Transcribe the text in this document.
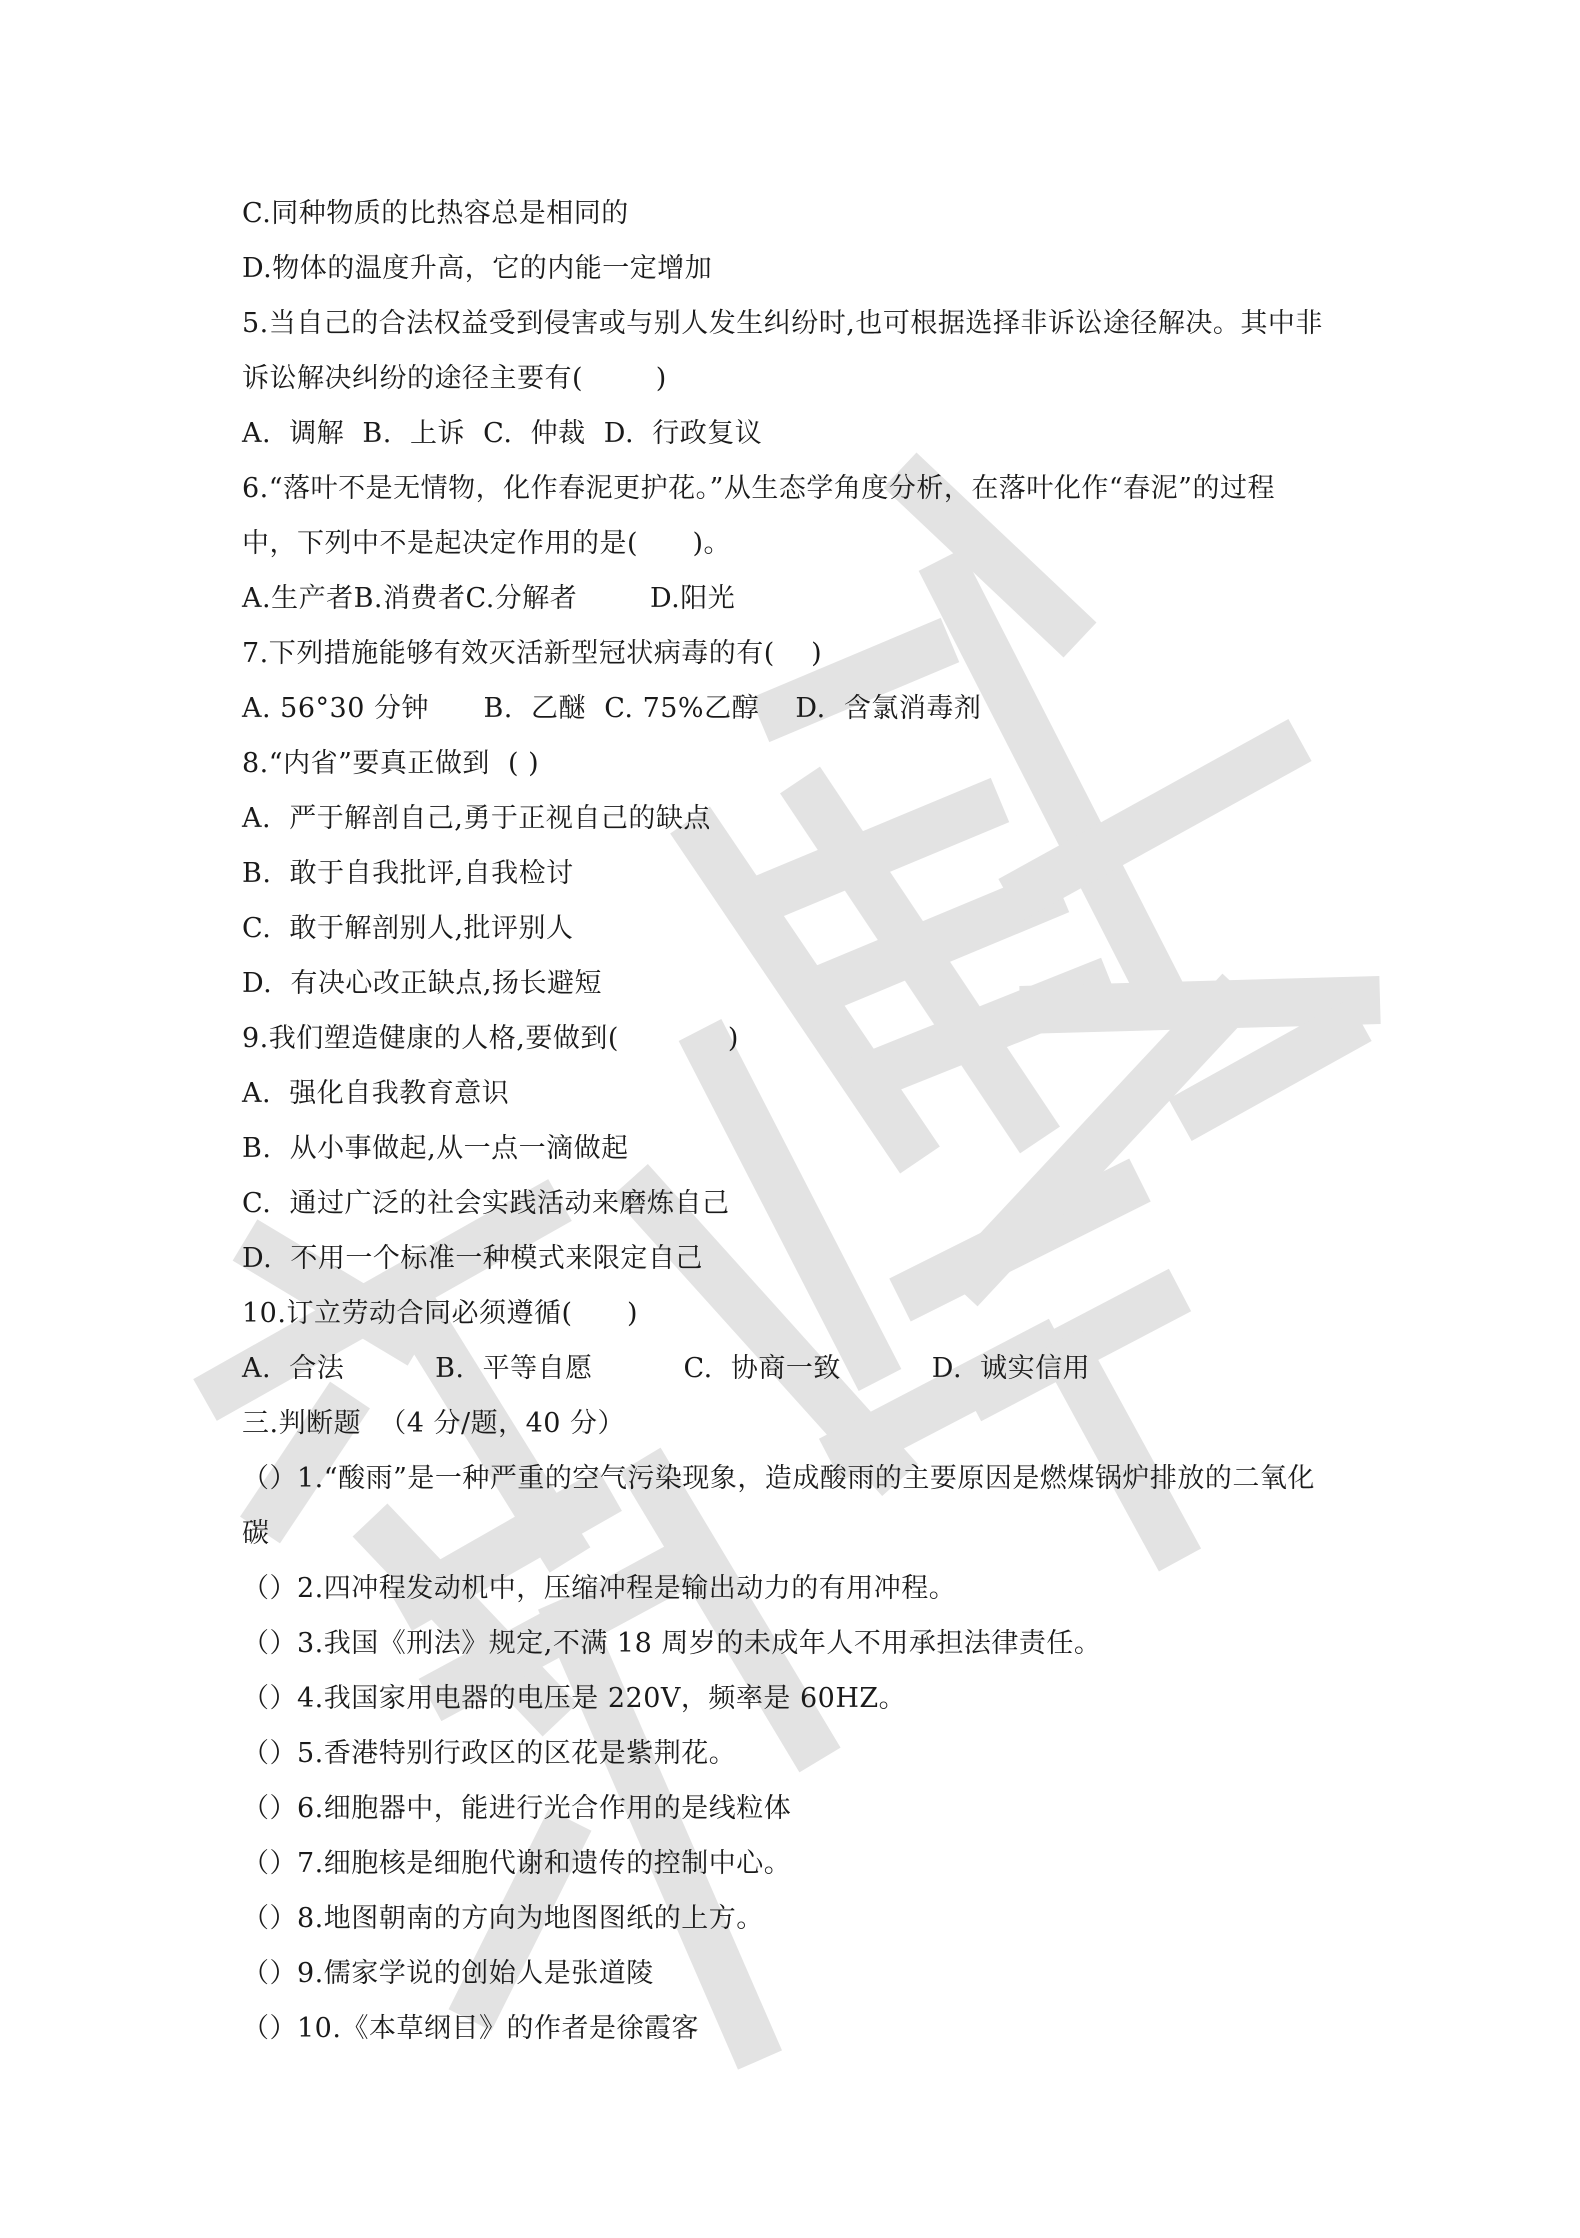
C.同种物质的比热容总是相同的
D.物体的温度升高，它的内能一定增加
5.当自己的合法权益受到侵害或与别人发生纠纷时,也可根据选择非诉讼途径解决。其中非
诉讼解决纠纷的途径主要有(        )
A.  调解  B.  上诉  C.  仲裁  D.  行政复议
6.“落叶不是无情物，化作春泥更护花。”从生态学角度分析，在落叶化作“春泥”的过程
中，下列中不是起决定作用的是(      )。
A.生产者B.消费者C.分解者        D.阳光
7.下列措施能够有效灭活新型冠状病毒的有(    )
A. 56°30 分钟      B.  乙醚  C. 75%乙醇    D.  含氯消毒剂
8.“内省”要真正做到  ( )
A.  严于解剖自己,勇于正视自己的缺点
B.  敢于自我批评,自我检讨
C.  敢于解剖别人,批评别人
D.  有决心改正缺点,扬长避短
9.我们塑造健康的人格,要做到(            )
A.  强化自我教育意识
B.  从小事做起,从一点一滴做起
C.  通过广泛的社会实践活动来磨炼自己
D.  不用一个标准一种模式来限定自己
10.订立劳动合同必须遵循(      )
A.  合法          B.  平等自愿          C.  协商一致          D.  诚实信用
三.判断题  （4 分/题，40 分）
（）1.“酸雨”是一种严重的空气污染现象，造成酸雨的主要原因是燃煤锅炉排放的二氧化
碳
（）2.四冲程发动机中，压缩冲程是输出动力的有用冲程。
（）3.我国《刑法》规定,不满 18 周岁的未成年人不用承担法律责任。
（）4.我国家用电器的电压是 220V，频率是 60HZ。
（）5.香港特别行政区的区花是紫荆花。
（）6.细胞器中，能进行光合作用的是线粒体
（）7.细胞核是细胞代谢和遗传的控制中心。
（）8.地图朝南的方向为地图图纸的上方。
（）9.儒家学说的创始人是张道陵
（）10.《本草纲目》的作者是徐霞客
